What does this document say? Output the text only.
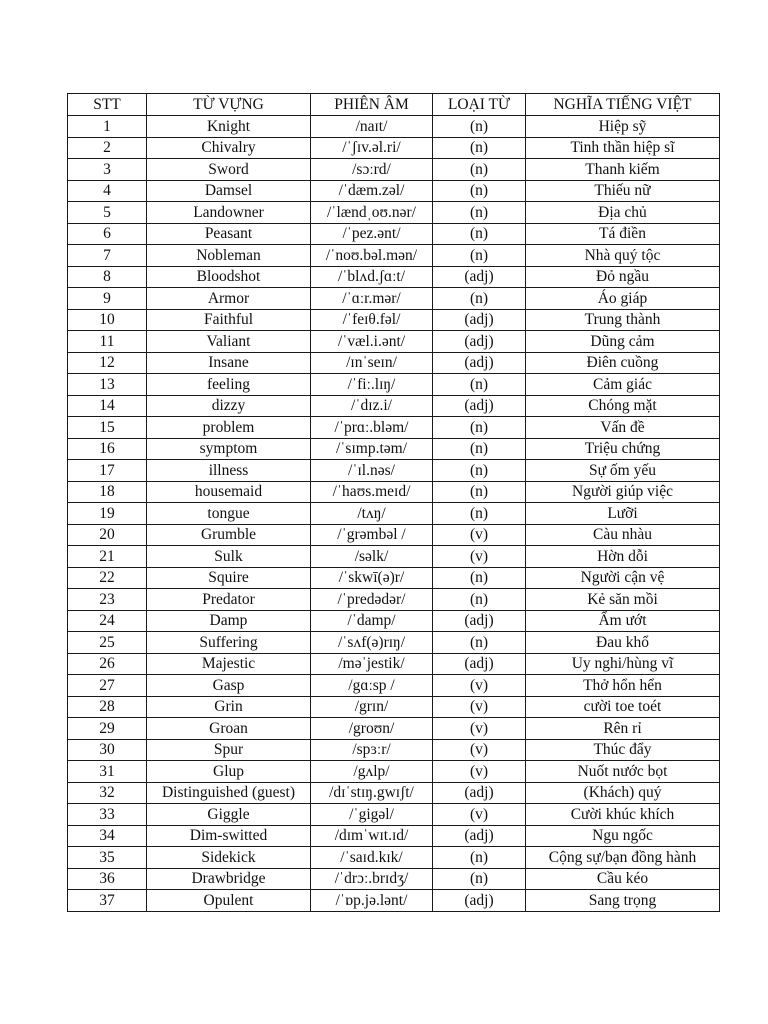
STT	TỪ VỰNG	PHIÊN ÂM	LOẠI TỪ	NGHĨA TIẾNG VIỆT
1	Knight	/naɪt/	(n)	Hiệp sỹ
2	Chivalry	/ˈʃɪv.əl.ri/	(n)	Tinh thần hiệp sĩ
3	Sword	/sɔːrd/	(n)	Thanh kiếm
4	Damsel	/ˈdæm.zəl/	(n)	Thiếu nữ
5	Landowner	/ˈlændˌoʊ.nər/	(n)	Địa chủ
6	Peasant	/ˈpez.ənt/	(n)	Tá điền
7	Nobleman	/ˈnoʊ.bəl.mən/	(n)	Nhà quý tộc
8	Bloodshot	/ˈblʌd.ʃɑːt/	(adj)	Đỏ ngầu
9	Armor	/ˈɑːr.mər/	(n)	Áo giáp
10	Faithful	/ˈfeɪθ.fəl/	(adj)	Trung thành
11	Valiant	/ˈvæl.i.ənt/	(adj)	Dũng cảm
12	Insane	/ɪnˈseɪn/	(adj)	Điên cuồng
13	feeling	/ˈfiː.lɪŋ/	(n)	Cảm giác
14	dizzy	/ˈdɪz.i/	(adj)	Chóng mặt
15	problem	/ˈprɑː.bləm/	(n)	Vấn đề
16	symptom	/ˈsɪmp.təm/	(n)	Triệu chứng
17	illness	/ˈɪl.nəs/	(n)	Sự ốm yếu
18	housemaid	/ˈhaʊs.meɪd/	(n)	Người giúp việc
19	tongue	/tʌŋ/	(n)	Lưỡi
20	Grumble	/ˈgrəmbəl /	(v)	Càu nhàu
21	Sulk	/səlk/	(v)	Hờn dỗi
22	Squire	/ˈskwī(ə)r/	(n)	Người cận vệ
23	Predator	/ˈpredədər/	(n)	Kẻ săn mồi
24	Damp	/ˈdamp/	(adj)	Ẩm ướt
25	Suffering	/ˈsʌf(ə)rɪŋ/	(n)	Đau khổ
26	Majestic	/məˈjestik/	(adj)	Uy nghi/hùng vĩ
27	Gasp	/gɑːsp /	(v)	Thở hổn hển
28	Grin	/grɪn/	(v)	cười toe toét
29	Groan	/groʊn/	(v)	Rên rỉ
30	Spur	/spɜːr/	(v)	Thúc đẩy
31	Glup	/gʌlp/	(v)	Nuốt nước bọt
32	Distinguished (guest)	/dɪˈstɪŋ.gwɪʃt/	(adj)	(Khách) quý
33	Giggle	/ˈgigəl/	(v)	Cười khúc khích
34	Dim-switted	/dɪmˈwɪt.ɪd/	(adj)	Ngu ngốc
35	Sidekick	/ˈsaɪd.kɪk/	(n)	Cộng sự/bạn đồng hành
36	Drawbridge	/ˈdrɔː.brɪdʒ/	(n)	Cầu kéo
37	Opulent	/ˈɒp.jə.lənt/	(adj)	Sang trọng
